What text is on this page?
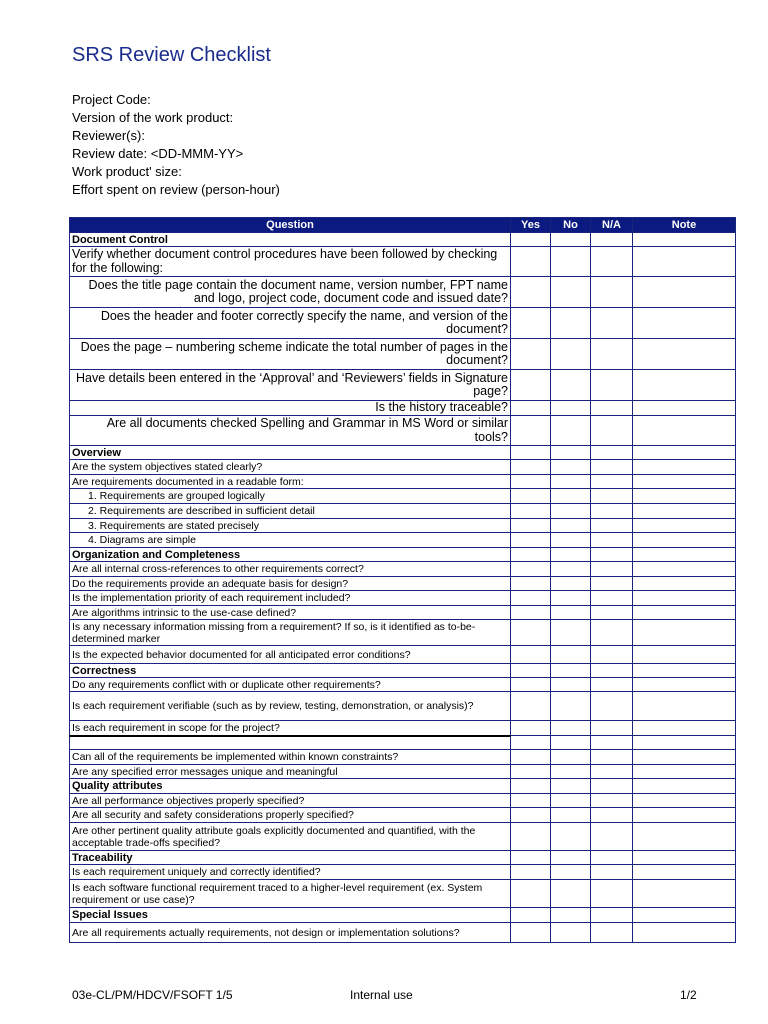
SRS Review Checklist
Project Code:
Version of the work product:
Reviewer(s):
Review date: <DD-MMM-YY>
Work product' size:
Effort spent on review (person-hour)
Question	Yes	No	N/A	Note
Document Control				
Verify whether document control procedures have been followed by checking for the following:				
Does the title page contain the document name, version number, FPT name and logo, project code, document code and issued date?				
Does the header and footer correctly specify the name, and version of the document?				
Does the page – numbering scheme indicate the total number of pages in the document?				
Have details been entered in the ‘Approval’ and ‘Reviewers’ fields in Signature page?				
Is the history traceable?				
Are all documents checked Spelling and Grammar in MS Word or similar tools?				
Overview				
Are the system objectives stated clearly?				
Are requirements documented in a readable form:				
1. Requirements are grouped logically				
2. Requirements are described in sufficient detail				
3. Requirements are stated precisely				
4. Diagrams are simple				
Organization and Completeness				
Are all internal cross-references to other requirements correct?				
Do the requirements provide an adequate basis for design?				
Is the implementation priority of each requirement included?				
Are algorithms intrinsic to the use-case defined?				
Is any necessary information missing from a requirement? If so, is it identified as to-be-determined marker				
Is the expected behavior documented for all anticipated error conditions?				
Correctness				
Do any requirements conflict with or duplicate other requirements?				
Is each requirement verifiable (such as by review, testing, demonstration, or analysis)?				
Is each requirement in scope for the project?				

Can all of the requirements be implemented within known constraints?				
Are any specified error messages unique and meaningful				
Quality attributes				
Are all performance objectives properly specified?				
Are all security and safety considerations properly specified?				
Are other pertinent quality attribute goals explicitly documented and quantified, with the acceptable trade-offs specified?				
Traceability				
Is each requirement uniquely and correctly identified?				
Is each software functional requirement traced to a higher-level requirement (ex. System requirement or use case)?				
Special Issues				
Are all requirements actually requirements, not design or implementation solutions?				
03e-CL/PM/HDCV/FSOFT 1/5	Internal use	1/2
